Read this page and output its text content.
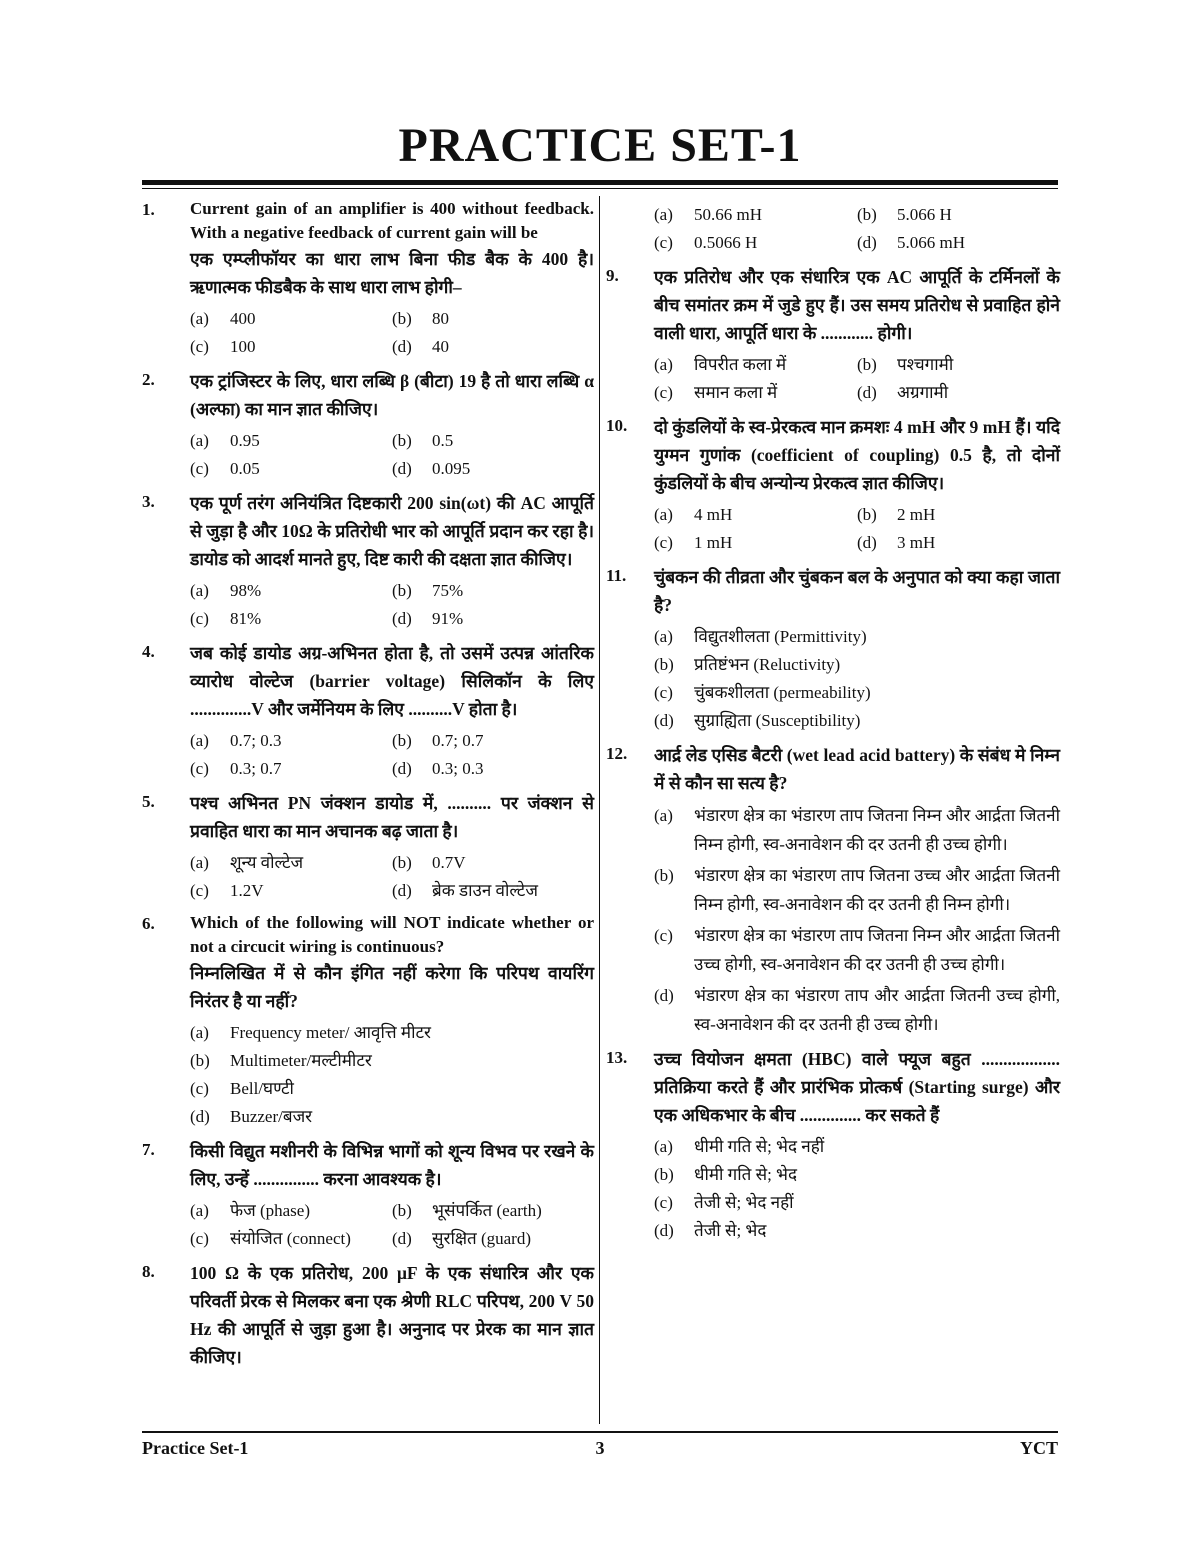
PRACTICE SET-1
1.	Current gain of an amplifier is 400 without feedback. With a negative feedback of current gain will be

एक एम्प्लीफॉयर का धारा लाभ बिना फीड बैक के 400 है। ऋणात्मक फीडबैक के साथ धारा लाभ होगी–

(a)	400	(b)	80
(c)	100	(d)	40
2.	एक ट्रांजिस्टर के लिए, धारा लब्धि β (बीटा) 19 है तो धारा लब्धि α (अल्फा) का मान ज्ञात कीजिए।

(a)	0.95	(b)	0.5
(c)	0.05	(d)	0.095
3.	एक पूर्ण तरंग अनियंत्रित दिष्टकारी 200 sin(ωt) की AC आपूर्ति से जुड़ा है और 10Ω के प्रतिरोधी भार को आपूर्ति प्रदान कर रहा है। डायोड को आदर्श मानते हुए, दिष्ट कारी की दक्षता ज्ञात कीजिए।

(a)	98%	(b)	75%
(c)	81%	(d)	91%
4.	जब कोई डायोड अग्र-अभिनत होता है, तो उसमें उत्पन्न आंतरिक व्यारोध वोल्टेज (barrier voltage) सिलिकॉन के लिए ..............V और जर्मेनियम के लिए ..........V होता है।

(a)	0.7; 0.3	(b)	0.7; 0.7
(c)	0.3; 0.7	(d)	0.3; 0.3
5.	पश्च अभिनत PN जंक्शन डायोड में, .......... पर जंक्शन से प्रवाहित धारा का मान अचानक बढ़ जाता है।

(a)	शून्य वोल्टेज	(b)	0.7V
(c)	1.2V	(d)	ब्रेक डाउन वोल्टेज
6.	Which of the following will NOT indicate whether or not a circucit wiring is continuous?

निम्नलिखित में से कौन इंगित नहीं करेगा कि परिपथ वायरिंग निरंतर है या नहीं?

(a)	Frequency meter/ आवृत्ति मीटर
(b)	Multimeter/मल्टीमीटर
(c)	Bell/घण्टी
(d)	Buzzer/बजर
7.	किसी विद्युत मशीनरी के विभिन्न भागों को शून्य विभव पर रखने के लिए, उन्हें ............... करना आवश्यक है।

(a)	फेज (phase)	(b)	भूसंपर्कित (earth)
(c)	संयोजित (connect)	(d)	सुरक्षित (guard)
8.	100 Ω के एक प्रतिरोध, 200 μF के एक संधारित्र और एक परिवर्ती प्रेरक से मिलकर बना एक श्रेणी RLC परिपथ, 200 V 50 Hz की आपूर्ति से जुड़ा हुआ है। अनुनाद पर प्रेरक का मान ज्ञात कीजिए।

(a)	50.66 mH	(b)	5.066 H
(c)	0.5066 H	(d)	5.066 mH
9.	एक प्रतिरोध और एक संधारित्र एक AC आपूर्ति के टर्मिनलों के बीच समांतर क्रम में जुडे हुए हैं। उस समय प्रतिरोध से प्रवाहित होने वाली धारा, आपूर्ति धारा के ............ होगी।

(a)	विपरीत कला में	(b)	पश्चगामी
(c)	समान कला में	(d)	अग्रगामी
10.	दो कुंडलियों के स्व-प्रेरकत्व मान क्रमशः 4 mH और 9 mH हैं। यदि युग्मन गुणांक (coefficient of coupling) 0.5 है, तो दोनों कुंडलियों के बीच अन्योन्य प्रेरकत्व ज्ञात कीजिए।

(a)	4 mH	(b)	2 mH
(c)	1 mH	(d)	3 mH
11.	चुंबकन की तीव्रता और चुंबकन बल के अनुपात को क्या कहा जाता है?

(a)	विद्युतशीलता (Permittivity)
(b)	प्रतिष्टंभन (Reluctivity)
(c)	चुंबकशीलता (permeability)
(d)	सुग्राह्यिता (Susceptibility)
12.	आर्द्र लेड एसिड बैटरी (wet lead acid battery) के संबंध मे निम्न में से कौन सा सत्य है?

(a)	भंडारण क्षेत्र का भंडारण ताप जितना निम्न और आर्द्रता जितनी निम्न होगी, स्व-अनावेशन की दर उतनी ही उच्च होगी।
(b)	भंडारण क्षेत्र का भंडारण ताप जितना उच्च और आर्द्रता जितनी निम्न होगी, स्व-अनावेशन की दर उतनी ही निम्न होगी।
(c)	भंडारण क्षेत्र का भंडारण ताप जितना निम्न और आर्द्रता जितनी उच्च होगी, स्व-अनावेशन की दर उतनी ही उच्च होगी।
(d)	भंडारण क्षेत्र का भंडारण ताप और आर्द्रता जितनी उच्च होगी, स्व-अनावेशन की दर उतनी ही उच्च होगी।
13.	उच्च वियोजन क्षमता (HBC) वाले फ्यूज बहुत .................. प्रतिक्रिया करते हैं और प्रारंभिक प्रोत्कर्ष (Starting surge) और एक अधिकभार के बीच .............. कर सकते हैं

(a)	धीमी गति से; भेद नहीं
(b)	धीमी गति से; भेद
(c)	तेजी से; भेद नहीं
(d)	तेजी से; भेद
Practice Set-1	3	YCT
